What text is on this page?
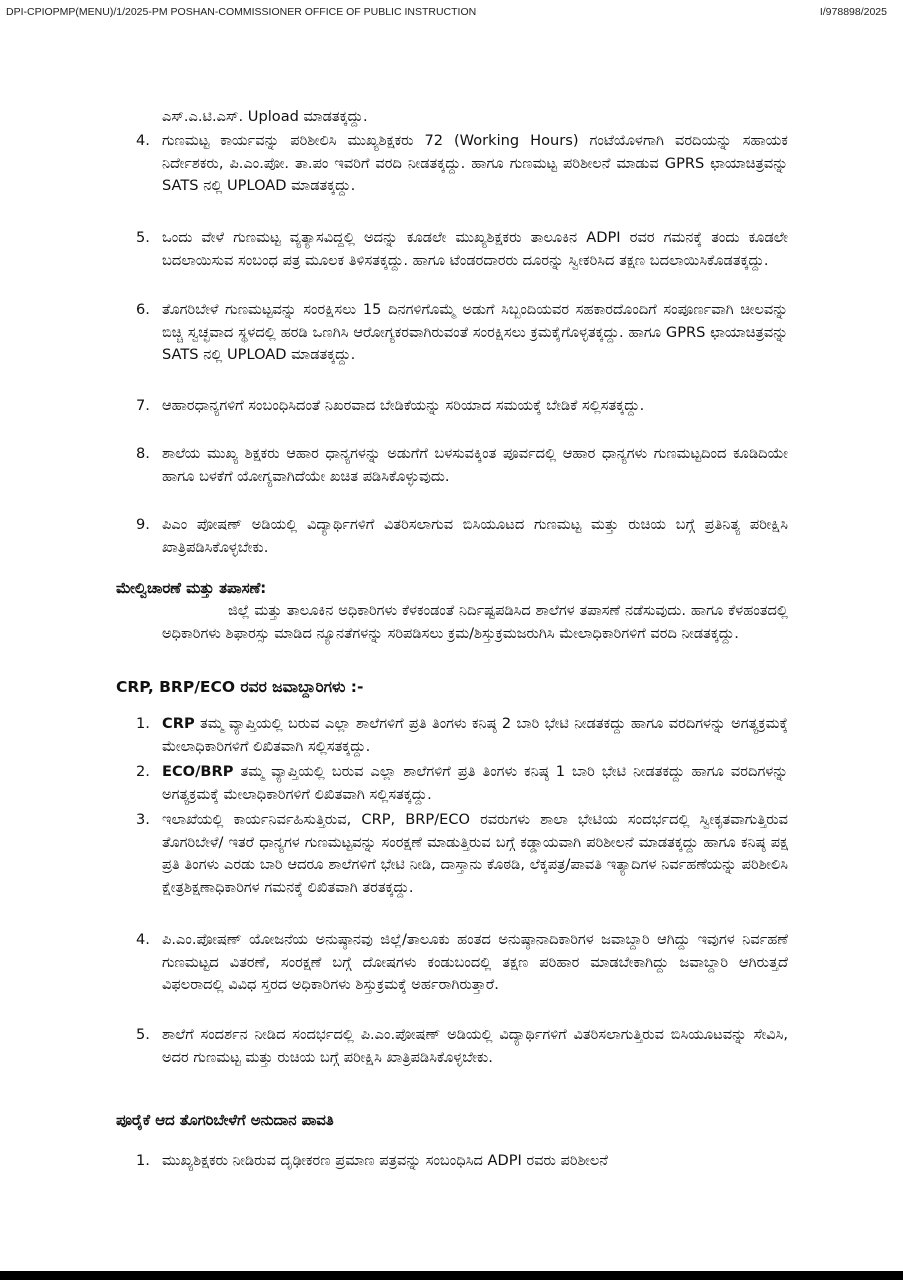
DPI-CPIOPMP(MENU)/1/2025-PM POSHAN-COMMISSIONER OFFICE OF PUBLIC INSTRUCTION	I/978898/2025
ಎಸ್.ಎ.ಟಿ.ಎಸ್. Upload ಮಾಡತಕ್ಕದ್ದು.
4. ಗುಣಮಟ್ಟ ಕಾರ್ಯವನ್ನು ಪರಿಶೀಲಿಸಿ ಮುಖ್ಯಶಿಕ್ಷಕರು 72 (Working Hours) ಗಂಟೆಯೊಳಗಾಗಿ ವರದಿಯನ್ನು ಸಹಾಯಕ ನಿರ್ದೇಶಕರು, ಪಿ.ಎಂ.ಪೋ. ತಾ.ಪಂ ಇವರಿಗೆ ವರದಿ ನೀಡತಕ್ಕದ್ದು. ಹಾಗೂ ಗುಣಮಟ್ಟ ಪರಿಶೀಲನೆ ಮಾಡುವ GPRS ಛಾಯಾಚಿತ್ರವನ್ನು SATS ನಲ್ಲಿ UPLOAD ಮಾಡತಕ್ಕದ್ದು.
5. ಒಂದು ವೇಳೆ ಗುಣಮಟ್ಟ ವ್ಯತ್ಯಾಸವಿದ್ದಲ್ಲಿ ಅದನ್ನು ಕೂಡಲೇ ಮುಖ್ಯಶಿಕ್ಷಕರು ತಾಲೂಕಿನ ADPI ರವರ ಗಮನಕ್ಕೆ ತಂದು ಕೂಡಲೇ ಬದಲಾಯಿಸುವ ಸಂಬಂಧ ಪತ್ರ ಮೂಲಕ ತಿಳಿಸತಕ್ಕದ್ದು. ಹಾಗೂ ಟೆಂಡರದಾರರು ದೂರನ್ನು ಸ್ವೀಕರಿಸಿದ ತಕ್ಷಣ ಬದಲಾಯಿಸಿಕೊಡತಕ್ಕದ್ದು.
6. ತೊಗರಿಬೇಳೆ ಗುಣಮಟ್ಟವನ್ನು ಸಂರಕ್ಷಿಸಲು 15 ದಿನಗಳಿಗೊಮ್ಮೆ ಅಡುಗೆ ಸಿಬ್ಬಂದಿಯವರ ಸಹಕಾರದೊಂದಿಗೆ ಸಂಪೂರ್ಣವಾಗಿ ಚೀಲವನ್ನು ಬಿಚ್ಚಿ ಸ್ವಚ್ಛವಾದ ಸ್ಥಳದಲ್ಲಿ ಹರಡಿ ಒಣಗಿಸಿ ಆರೋಗ್ಯಕರವಾಗಿರುವಂತೆ ಸಂರಕ್ಷಿಸಲು ಕ್ರಮಕೈಗೊಳ್ಳತಕ್ಕದ್ದು. ಹಾಗೂ GPRS ಛಾಯಾಚಿತ್ರವನ್ನು SATS ನಲ್ಲಿ UPLOAD ಮಾಡತಕ್ಕದ್ದು.
7. ಆಹಾರಧಾನ್ಯಗಳಿಗೆ ಸಂಬಂಧಿಸಿದಂತೆ ನಿಖರವಾದ ಬೇಡಿಕೆಯನ್ನು ಸರಿಯಾದ ಸಮಯಕ್ಕೆ ಬೇಡಿಕೆ ಸಲ್ಲಿಸತಕ್ಕದ್ದು.
8. ಶಾಲೆಯ ಮುಖ್ಯ ಶಿಕ್ಷಕರು ಆಹಾರ ಧಾನ್ಯಗಳನ್ನು ಅಡುಗೆಗೆ ಬಳಸುವಕ್ಕಿಂತ ಪೂರ್ವದಲ್ಲಿ ಆಹಾರ ಧಾನ್ಯಗಳು ಗುಣಮಟ್ಟದಿಂದ ಕೂಡಿದಿಯೇ ಹಾಗೂ ಬಳಕೆಗೆ ಯೋಗ್ಯವಾಗಿದೆಯೇ ಖಚಿತ ಪಡಿಸಿಕೊಳ್ಳುವುದು.
9. ಪಿಎಂ ಪೋಷಣ್ ಅಡಿಯಲ್ಲಿ ವಿದ್ಯಾರ್ಥಿಗಳಿಗೆ ವಿತರಿಸಲಾಗುವ ಬಿಸಿಯೂಟದ ಗುಣಮಟ್ಟ ಮತ್ತು ರುಚಿಯ ಬಗ್ಗೆ ಪ್ರತಿನಿತ್ಯ ಪರೀಕ್ಷಿಸಿ ಖಾತ್ರಿಪಡಿಸಿಕೊಳ್ಳಬೇಕು.
ಮೇಲ್ವಿಚಾರಣೆ ಮತ್ತು ತಪಾಸಣೆ:
ಜಿಲ್ಲೆ ಮತ್ತು ತಾಲೂಕಿನ ಅಧಿಕಾರಿಗಳು ಕೆಳಕಂಡಂತೆ ನಿರ್ದಿಷ್ಟಪಡಿಸಿದ ಶಾಲೆಗಳ ತಪಾಸಣೆ ನಡೆಸುವುದು. ಹಾಗೂ ಕೆಳಹಂತದಲ್ಲಿ ಅಧಿಕಾರಿಗಳು ಶಿಫಾರಸ್ಸು ಮಾಡಿದ ನ್ಯೂನತೆಗಳನ್ನು ಸರಿಪಡಿಸಲು ಕ್ರಮ/ಶಿಸ್ತುಕ್ರಮಜರುಗಿಸಿ ಮೇಲಾಧಿಕಾರಿಗಳಿಗೆ ವರದಿ ನೀಡತಕ್ಕದ್ದು.
CRP, BRP/ECO ರವರ ಜವಾಬ್ದಾರಿಗಳು :-
1. CRP ತಮ್ಮ ವ್ಯಾಪ್ತಿಯಲ್ಲಿ ಬರುವ ಎಲ್ಲಾ ಶಾಲೆಗಳಿಗೆ ಪ್ರತಿ ತಿಂಗಳು ಕನಿಷ್ಠ 2 ಬಾರಿ ಭೇಟಿ ನೀಡತಕದ್ದು ಹಾಗೂ ವರದಿಗಳನ್ನು ಅಗತ್ಯಕ್ರಮಕ್ಕೆ ಮೇಲಾಧಿಕಾರಿಗಳಿಗೆ ಲಿಖಿತವಾಗಿ ಸಲ್ಲಿಸತಕ್ಕದ್ದು.
2. ECO/BRP ತಮ್ಮ ವ್ಯಾಪ್ತಿಯಲ್ಲಿ ಬರುವ ಎಲ್ಲಾ ಶಾಲೆಗಳಿಗೆ ಪ್ರತಿ ತಿಂಗಳು ಕನಿಷ್ಠ 1 ಬಾರಿ ಭೇಟಿ ನೀಡತಕದ್ದು ಹಾಗೂ ವರದಿಗಳನ್ನು ಅಗತ್ಯಕ್ರಮಕ್ಕೆ ಮೇಲಾಧಿಕಾರಿಗಳಿಗೆ ಲಿಖಿತವಾಗಿ ಸಲ್ಲಿಸತಕ್ಕದ್ದು.
3. ಇಲಾಖೆಯಲ್ಲಿ ಕಾರ್ಯನಿರ್ವಹಿಸುತ್ತಿರುವ, CRP, BRP/ECO ರವರುಗಳು ಶಾಲಾ ಭೇಟಿಯ ಸಂದರ್ಭದಲ್ಲಿ ಸ್ವೀಕೃತವಾಗುತ್ತಿರುವ ತೊಗರಿಬೇಳೆ/ ಇತರೆ ಧಾನ್ಯಗಳ ಗುಣಮಟ್ಟವನ್ನು ಸಂರಕ್ಷಣೆ ಮಾಡುತ್ತಿರುವ ಬಗ್ಗೆ ಕಡ್ಡಾಯವಾಗಿ ಪರಿಶೀಲನೆ ಮಾಡತಕ್ಕದ್ದು ಹಾಗೂ ಕನಿಷ್ಠ ಪಕ್ಷ ಪ್ರತಿ ತಿಂಗಳು ಎರಡು ಬಾರಿ ಆದರೂ ಶಾಲೆಗಳಿಗೆ ಭೇಟಿ ನೀಡಿ, ದಾಸ್ತಾನು ಕೊಠಡಿ, ಲೆಕ್ಕಪತ್ರ/ಪಾವತಿ ಇತ್ಯಾದಿಗಳ ನಿರ್ವಹಣೆಯನ್ನು ಪರಿಶೀಲಿಸಿ ಕ್ಷೇತ್ರಶಿಕ್ಷಣಾಧಿಕಾರಿಗಳ ಗಮನಕ್ಕೆ ಲಿಖಿತವಾಗಿ ತರತಕ್ಕದ್ದು.
4. ಪಿ.ಎಂ.ಪೋಷಣ್ ಯೋಜನೆಯ ಅನುಷ್ಠಾನವು ಜಿಲ್ಲೆ/ತಾಲೂಕು ಹಂತದ ಅನುಷ್ಠಾನಾದಿಕಾರಿಗಳ ಜವಾಬ್ದಾರಿ ಆಗಿದ್ದು ಇವುಗಳ ನಿರ್ವಹಣೆ ಗುಣಮಟ್ಟದ ವಿತರಣೆ, ಸಂರಕ್ಷಣೆ ಬಗ್ಗೆ ದೋಷಗಳು ಕಂಡುಬಂದಲ್ಲಿ ತಕ್ಷಣ ಪರಿಹಾರ ಮಾಡಬೇಕಾಗಿದ್ದು ಜವಾಬ್ದಾರಿ ಆಗಿರುತ್ತದೆ ವಿಫಲರಾದಲ್ಲಿ ವಿವಿಧ ಸ್ತರದ ಅಧಿಕಾರಿಗಳು ಶಿಸ್ತುಕ್ರಮಕ್ಕೆ ಅರ್ಹರಾಗಿರುತ್ತಾರೆ.
5. ಶಾಲೆಗೆ ಸಂದರ್ಶನ ನೀಡಿದ ಸಂದರ್ಭದಲ್ಲಿ ಪಿ.ಎಂ.ಪೋಷಣ್ ಅಡಿಯಲ್ಲಿ ವಿದ್ಯಾರ್ಥಿಗಳಿಗೆ ವಿತರಿಸಲಾಗುತ್ತಿರುವ ಬಿಸಿಯೂಟವನ್ನು ಸೇವಿಸಿ, ಅದರ ಗುಣಮಟ್ಟ ಮತ್ತು ರುಚಿಯ ಬಗ್ಗೆ ಪರೀಕ್ಷಿಸಿ ಖಾತ್ರಿಪಡಿಸಿಕೊಳ್ಳಬೇಕು.
ಪೂರೈಕೆ ಆದ ತೊಗರಿಬೇಳೆಗೆ ಅನುದಾನ ಪಾವತಿ
1. ಮುಖ್ಯಶಿಕ್ಷಕರು ನೀಡಿರುವ ದೃಢೀಕರಣ ಪ್ರಮಾಣ ಪತ್ರವನ್ನು ಸಂಬಂಧಿಸಿದ ADPI ರವರು ಪರಿಶೀಲನೆ
